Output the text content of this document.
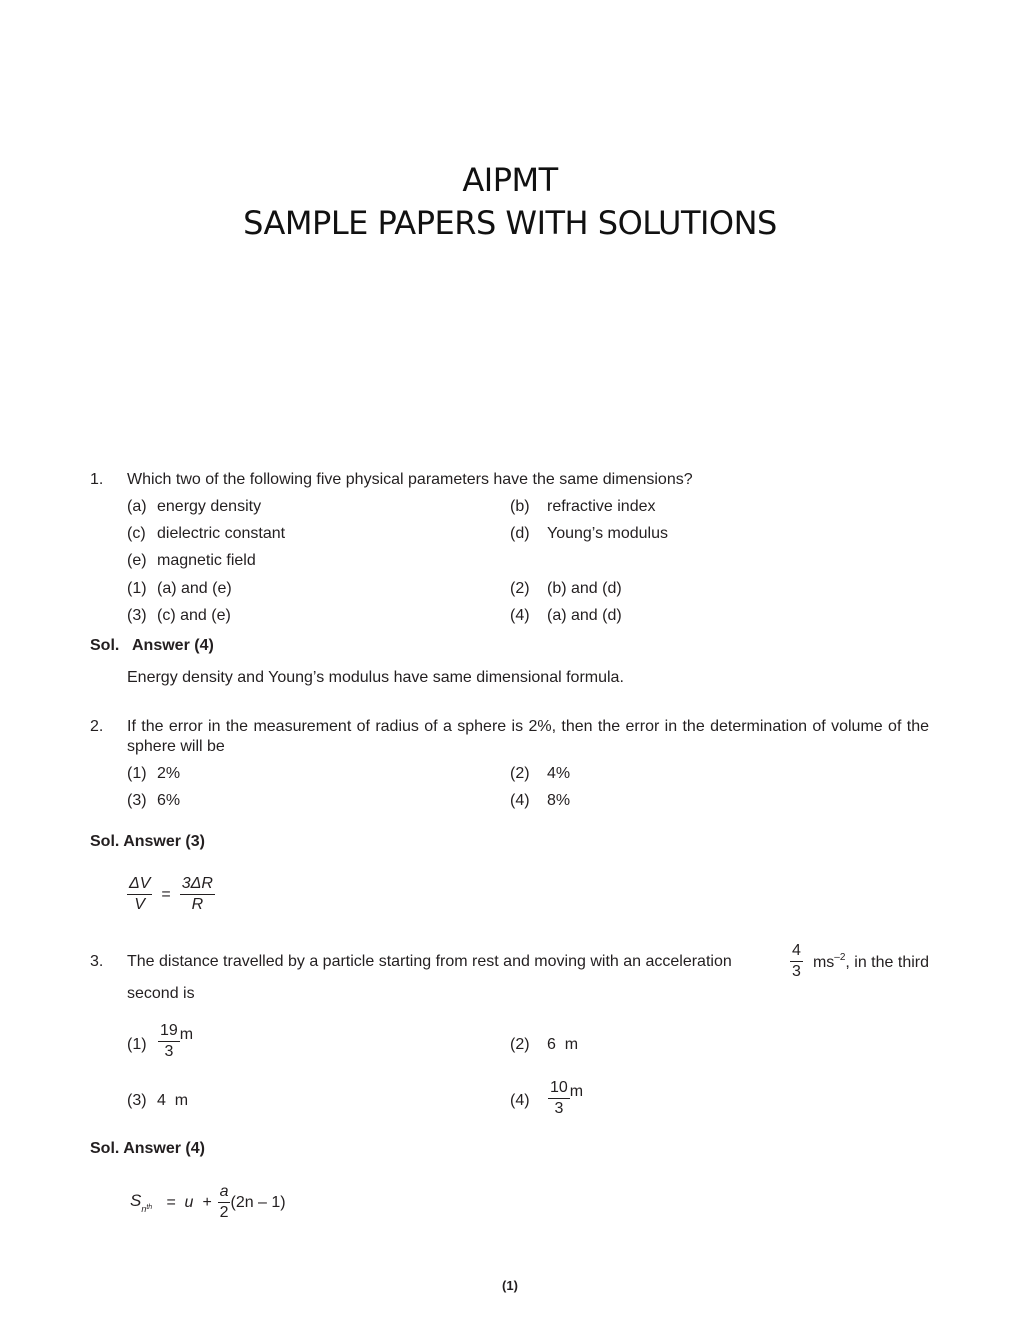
AIPMT
SAMPLE PAPERS WITH SOLUTIONS
1. Which two of the following five physical parameters have the same dimensions?
(a) energy density	(b) refractive index
(c) dielectric constant	(d) Young’s modulus
(e) magnetic field
(1) (a) and (e)	(2) (b) and (d)
(3) (c) and (e)	(4) (a) and (d)
Sol. Answer (4)
Energy density and Young’s modulus have same dimensional formula.
2. If the error in the measurement of radius of a sphere is 2%, then the error in the determination of volume of the sphere will be
(1) 2%	(2) 4%
(3) 6%	(4) 8%
Sol. Answer (3)
$\frac{\Delta V}{V} = \frac{3\Delta R}{R}$
3. The distance travelled by a particle starting from rest and moving with an acceleration	$\frac{4}{3} ms^{-2}$, in the third
second is
$(1) \frac{19}{3}$ m
(2) 6  m
(3) 4  m	$(4) \frac{10}{3}$ m
Sol. Answer (4)
$S_{n^{th}} = u + \frac{a}{2} (2n - 1)$
(1)
